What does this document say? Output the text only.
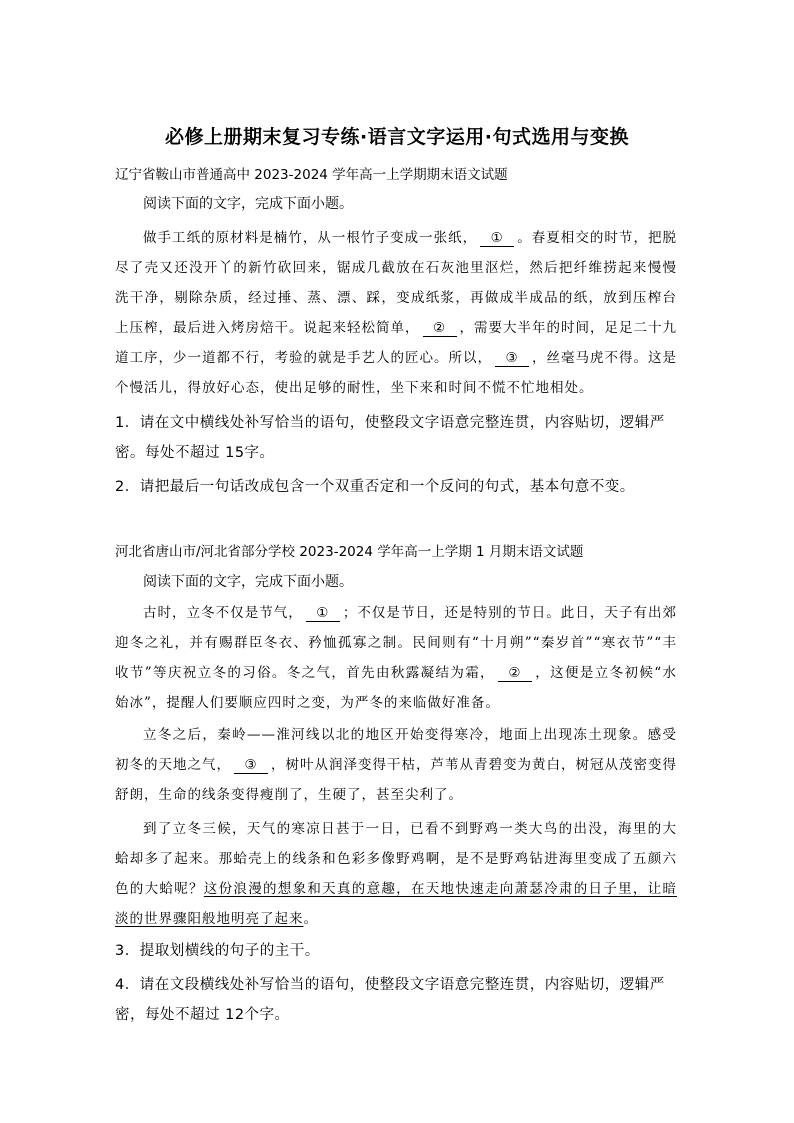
必修上册期末复习专练·语言文字运用·句式选用与变换
辽宁省鞍山市普通高中 2023-2024 学年高一上学期期末语文试题
阅读下面的文字，完成下面小题。

做手工纸的原材料是楠竹，从一根竹子变成一张纸， ① 。春夏相交的时节，把脱尽了壳又还没开丫的新竹砍回来，锯成几截放在石灰池里沤烂，然后把纤维捞起来慢慢洗干净，剔除杂质，经过捶、蒸、漂、踩，变成纸浆，再做成半成品的纸，放到压榨台上压榨，最后进入烤房焙干。说起来轻松简单， ② ，需要大半年的时间，足足二十九道工序，少一道都不行，考验的就是手艺人的匠心。所以， ③ ，丝毫马虎不得。这是个慢活儿，得放好心态，使出足够的耐性，坐下来和时间不慌不忙地相处。

1．请在文中横线处补写恰当的语句，使整段文字语意完整连贯，内容贴切，逻辑严密。每处不超过 15字。

2．请把最后一句话改成包含一个双重否定和一个反问的句式，基本句意不变。

河北省唐山市/河北省部分学校 2023-2024 学年高一上学期 1 月期末语文试题
阅读下面的文字，完成下面小题。

古时，立冬不仅是节气， ① ；不仅是节日，还是特别的节日。此日，天子有出郊迎冬之礼，并有赐群臣冬衣、矜恤孤寡之制。民间则有“十月朔”“秦岁首”“寒衣节”“丰收节”等庆祝立冬的习俗。冬之气，首先由秋露凝结为霜， ② ，这便是立冬初候“水始冰”，提醒人们要顺应四时之变，为严冬的来临做好准备。

立冬之后，秦岭——淮河线以北的地区开始变得寒冷，地面上出现冻土现象。感受初冬的天地之气， ③ ，树叶从润泽变得干枯，芦苇从青碧变为黄白，树冠从茂密变得舒朗，生命的线条变得瘦削了，生硬了，甚至尖利了。

到了立冬三候，天气的寒凉日甚于一日，已看不到野鸡一类大鸟的出没，海里的大蛤却多了起来。那蛤壳上的线条和色彩多像野鸡啊，是不是野鸡钻进海里变成了五颜六色的大蛤呢？这份浪漫的想象和天真的意趣，在天地快速走向萧瑟冷肃的日子里，让暗淡的世界骤阳般地明亮了起来。

3．提取划横线的句子的主干。

4．请在文段横线处补写恰当的语句，使整段文字语意完整连贯，内容贴切，逻辑严密，每处不超过 12个字。
